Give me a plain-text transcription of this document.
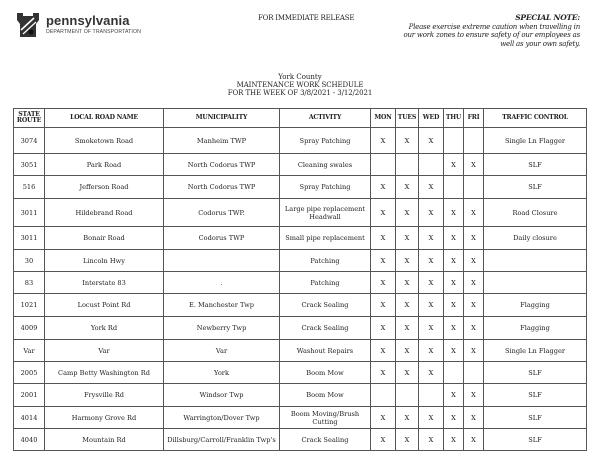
pennsylvania
DEPARTMENT OF TRANSPORTATION
FOR IMMEDIATE RELEASE	SPECIAL NOTE:
Please exercise extreme caution when travelling in our work zones to ensure safety of our employees as well as your own safety.
York County
MAINTENANCE WORK SCHEDULE
FOR THE WEEK OF 3/8/2021 - 3/12/2021
STATE ROUTE	LOCAL ROAD NAME	MUNICIPALITY	ACTIVITY	MON	TUES	WED	THU	FRI	TRAFFIC CONTROL
3074	Smoketown Road	Manheim TWP	Spray Patching	X	X	X			Single Ln Flagger
3051	Park Road	North Codorus TWP	Cleaning swales				X	X	SLF
516	Jefferson Road	North Codorus TWP	Spray Patching	X	X	X			SLF
3011	Hildebrand Road	Codorus TWP.	Large pipe replacement Headwall	X	X	X	X	X	Road Closure
3011	Bonair Road	Codorus TWP	Small pipe replacement	X	X	X	X	X	Daily closure
30	Lincoln Hwy		Patching	X	X	X	X	X	
83	Interstate 83	.	Patching	X	X	X	X	X	
1021	Locust Point Rd	E. Manchester Twp	Crack Sealing	X	X	X	X	X	Flagging
4009	York Rd	Newberry Twp	Crack Sealing	X	X	X	X	X	Flagging
Var	Var	Var	Washout Repairs	X	X	X	X	X	Single Ln Flagger
2005	Camp Betty Washington Rd	York	Boom Mow	X	X	X			SLF
2001	Frysville Rd	Windsor Twp	Boom Mow				X	X	SLF
4014	Harmony Grove Rd	Warrington/Dover Twp	Boom Moving/Brush Cutting	X	X	X	X	X	SLF
4040	Mountain Rd	Dillsburg/Carroll/Franklin Twp's	Crack Sealing	X	X	X	X	X	SLF
